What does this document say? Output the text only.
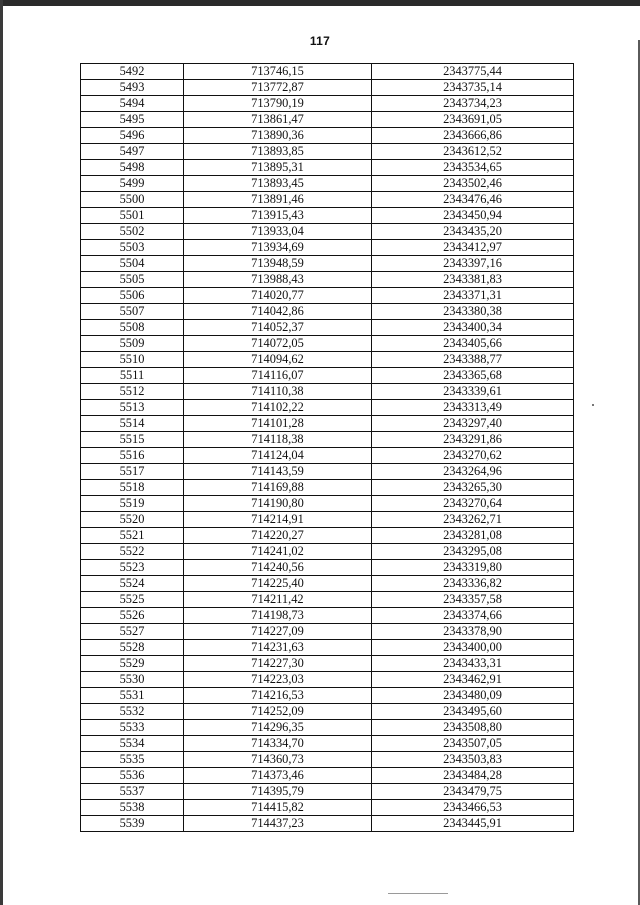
117
5492	713746,15	2343775,44
5493	713772,87	2343735,14
5494	713790,19	2343734,23
5495	713861,47	2343691,05
5496	713890,36	2343666,86
5497	713893,85	2343612,52
5498	713895,31	2343534,65
5499	713893,45	2343502,46
5500	713891,46	2343476,46
5501	713915,43	2343450,94
5502	713933,04	2343435,20
5503	713934,69	2343412,97
5504	713948,59	2343397,16
5505	713988,43	2343381,83
5506	714020,77	2343371,31
5507	714042,86	2343380,38
5508	714052,37	2343400,34
5509	714072,05	2343405,66
5510	714094,62	2343388,77
5511	714116,07	2343365,68
5512	714110,38	2343339,61
5513	714102,22	2343313,49
5514	714101,28	2343297,40
5515	714118,38	2343291,86
5516	714124,04	2343270,62
5517	714143,59	2343264,96
5518	714169,88	2343265,30
5519	714190,80	2343270,64
5520	714214,91	2343262,71
5521	714220,27	2343281,08
5522	714241,02	2343295,08
5523	714240,56	2343319,80
5524	714225,40	2343336,82
5525	714211,42	2343357,58
5526	714198,73	2343374,66
5527	714227,09	2343378,90
5528	714231,63	2343400,00
5529	714227,30	2343433,31
5530	714223,03	2343462,91
5531	714216,53	2343480,09
5532	714252,09	2343495,60
5533	714296,35	2343508,80
5534	714334,70	2343507,05
5535	714360,73	2343503,83
5536	714373,46	2343484,28
5537	714395,79	2343479,75
5538	714415,82	2343466,53
5539	714437,23	2343445,91
